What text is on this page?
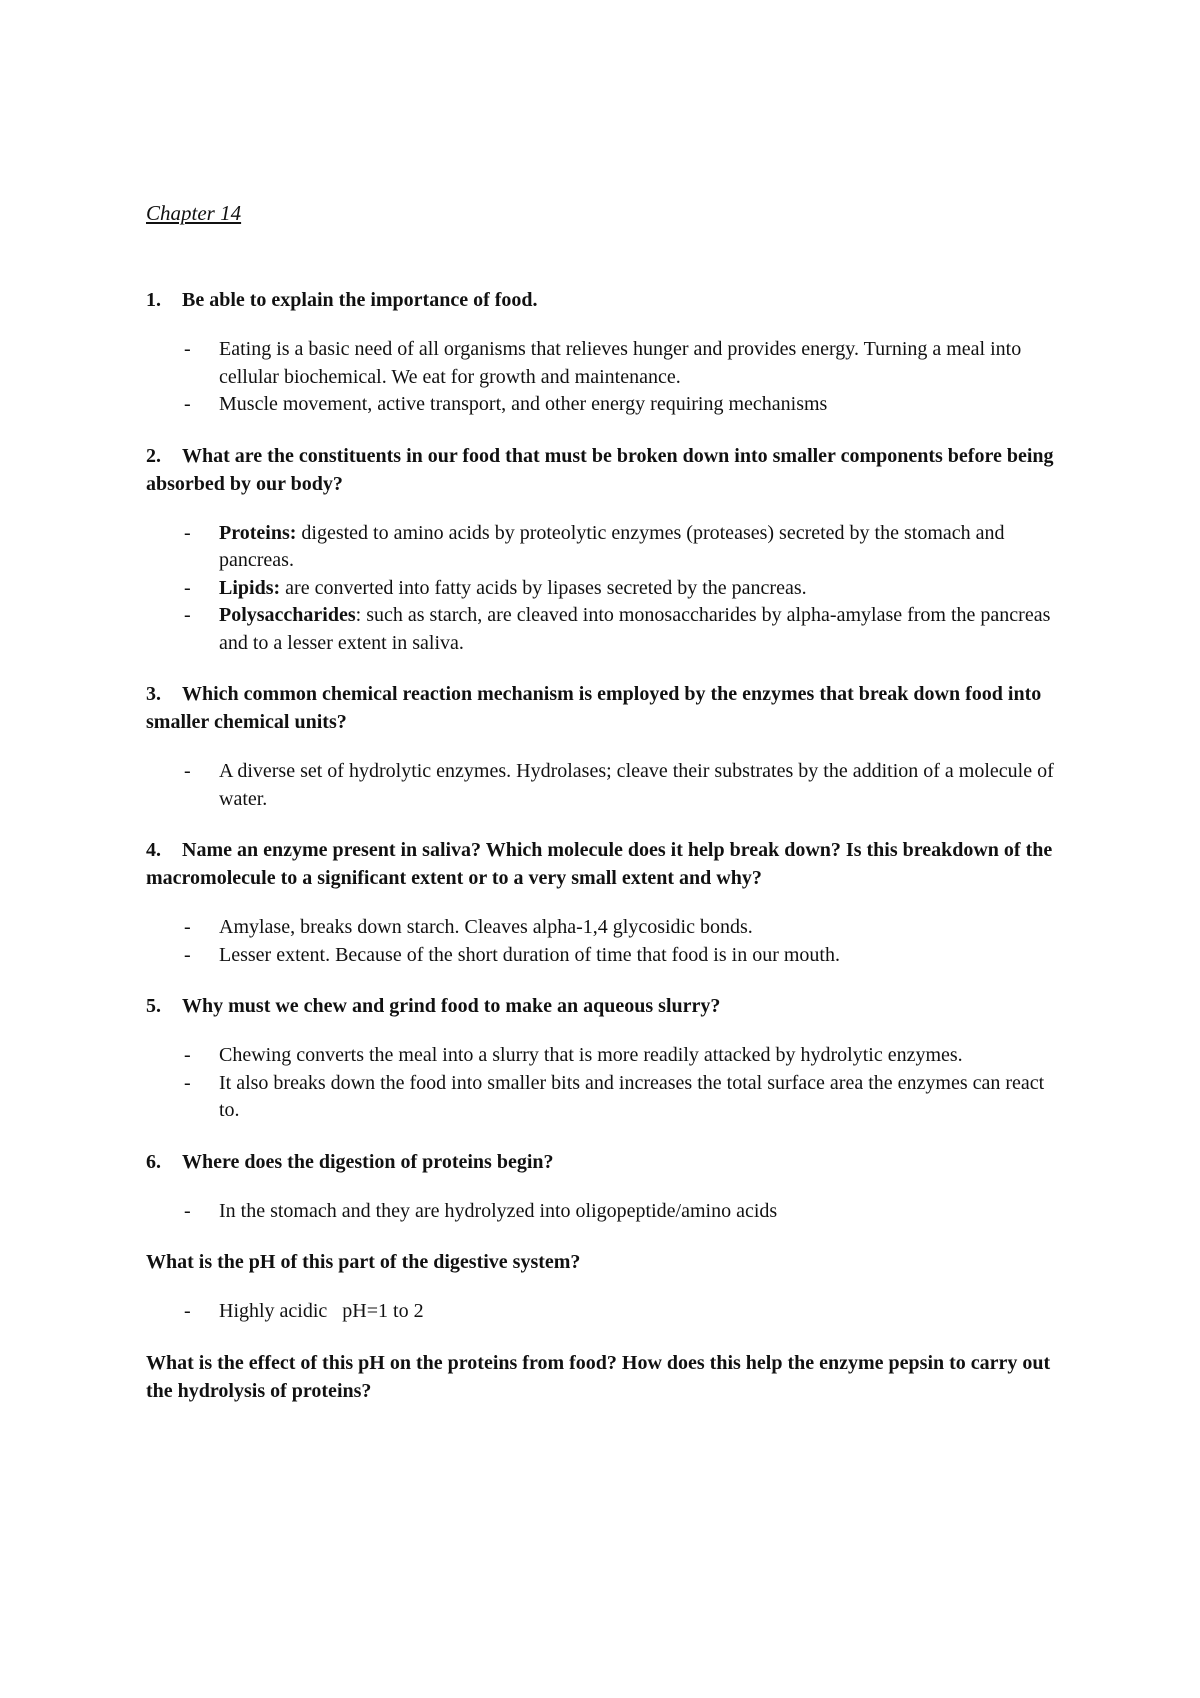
Chapter 14

1. Be able to explain the importance of food.

- Eating is a basic need of all organisms that relieves hunger and provides energy. Turning a meal into cellular biochemical. We eat for growth and maintenance.
- Muscle movement, active transport, and other energy requiring mechanisms

2. What are the constituents in our food that must be broken down into smaller components before being absorbed by our body?

- Proteins: digested to amino acids by proteolytic enzymes (proteases) secreted by the stomach and pancreas.
- Lipids: are converted into fatty acids by lipases secreted by the pancreas.
- Polysaccharides: such as starch, are cleaved into monosaccharides by alpha-amylase from the pancreas and to a lesser extent in saliva.

3. Which common chemical reaction mechanism is employed by the enzymes that break down food into smaller chemical units?

- A diverse set of hydrolytic enzymes. Hydrolases; cleave their substrates by the addition of a molecule of water.

4. Name an enzyme present in saliva? Which molecule does it help break down? Is this breakdown of the macromolecule to a significant extent or to a very small extent and why?

- Amylase, breaks down starch. Cleaves alpha-1,4 glycosidic bonds.
- Lesser extent. Because of the short duration of time that food is in our mouth.

5. Why must we chew and grind food to make an aqueous slurry?

- Chewing converts the meal into a slurry that is more readily attacked by hydrolytic enzymes.
- It also breaks down the food into smaller bits and increases the total surface area the enzymes can react to.

6. Where does the digestion of proteins begin?

- In the stomach and they are hydrolyzed into oligopeptide/amino acids

What is the pH of this part of the digestive system?

- Highly acidic   pH=1 to 2

What is the effect of this pH on the proteins from food? How does this help the enzyme pepsin to carry out the hydrolysis of proteins?
